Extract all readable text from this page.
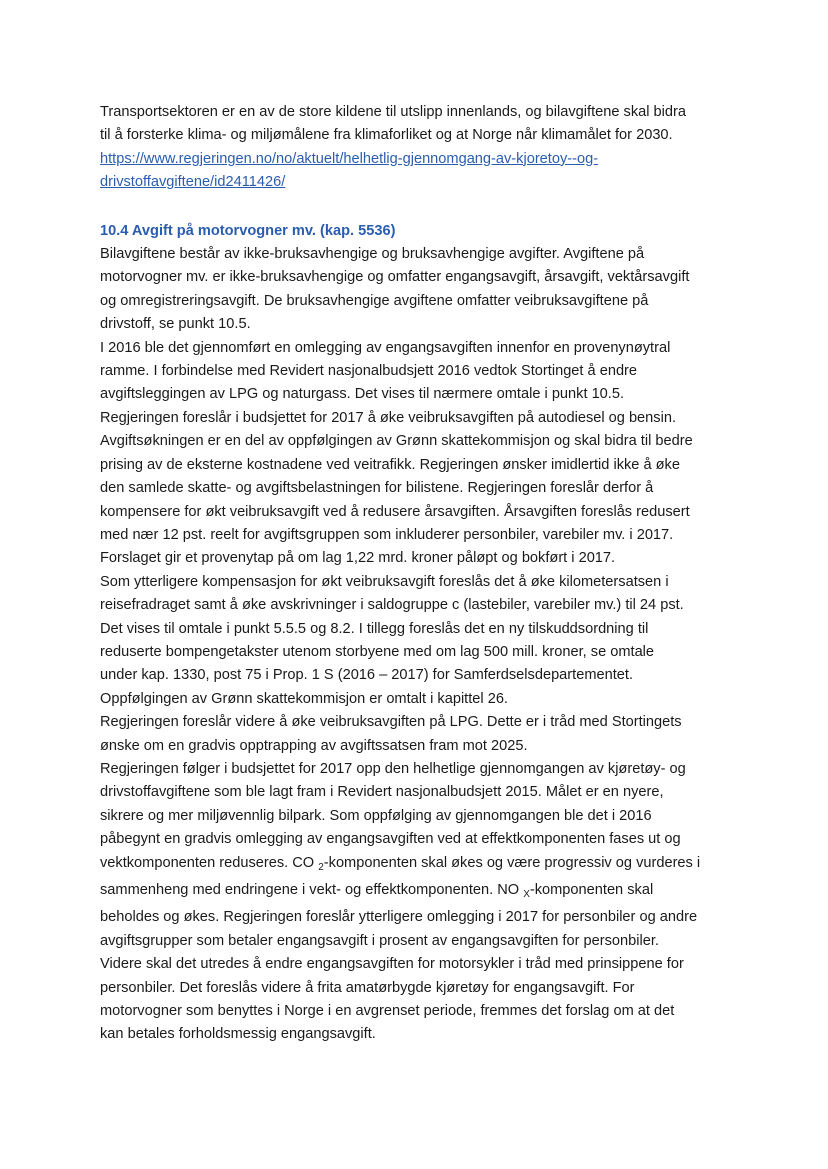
Transportsektoren er en av de store kildene til utslipp innenlands, og bilavgiftene skal bidra

til å forsterke klima- og miljømålene fra klimaforliket og at Norge når klimamålet for 2030.

https://www.regjeringen.no/no/aktuelt/helhetlig-gjennomgang-av-kjoretoy--og-

drivstoffavgiftene/id2411426/

10.4 Avgift på motorvogner mv. (kap. 5536)

Bilavgiftene består av ikke-bruksavhengige og bruksavhengige avgifter. Avgiftene på

motorvogner mv. er ikke-bruksavhengige og omfatter engangsavgift, årsavgift, vektårsavgift

og omregistreringsavgift. De bruksavhengige avgiftene omfatter veibruksavgiftene på

drivstoff, se punkt 10.5.

I 2016 ble det gjennomført en omlegging av engangsavgiften innenfor en provenynøytral

ramme. I forbindelse med Revidert nasjonalbudsjett 2016 vedtok Stortinget å endre

avgiftsleggingen av LPG og naturgass. Det vises til nærmere omtale i punkt 10.5.

Regjeringen foreslår i budsjettet for 2017 å øke veibruksavgiften på autodiesel og bensin.

Avgiftsøkningen er en del av oppfølgingen av Grønn skattekommisjon og skal bidra til bedre

prising av de eksterne kostnadene ved veitrafikk. Regjeringen ønsker imidlertid ikke å øke

den samlede skatte- og avgiftsbelastningen for bilistene. Regjeringen foreslår derfor å

kompensere for økt veibruksavgift ved å redusere årsavgiften. Årsavgiften foreslås redusert

med nær 12 pst. reelt for avgiftsgruppen som inkluderer personbiler, varebiler mv. i 2017.

Forslaget gir et provenytap på om lag 1,22 mrd. kroner påløpt og bokført i 2017.

Som ytterligere kompensasjon for økt veibruksavgift foreslås det å øke kilometersatsen i

reisefradraget samt å øke avskrivninger i saldogruppe c (lastebiler, varebiler mv.) til 24 pst.

Det vises til omtale i punkt 5.5.5 og 8.2. I tillegg foreslås det en ny tilskuddsordning til

reduserte bompengetakster utenom storbyene med om lag 500 mill. kroner, se omtale

under kap. 1330, post 75 i Prop. 1 S (2016 – 2017) for Samferdselsdepartementet.

Oppfølgingen av Grønn skattekommisjon er omtalt i kapittel 26.

Regjeringen foreslår videre å øke veibruksavgiften på LPG. Dette er i tråd med Stortingets

ønske om en gradvis opptrapping av avgiftssatsen fram mot 2025.

Regjeringen følger i budsjettet for 2017 opp den helhetlige gjennomgangen av kjøretøy- og

drivstoffavgiftene som ble lagt fram i Revidert nasjonalbudsjett 2015. Målet er en nyere,

sikrere og mer miljøvennlig bilpark. Som oppfølging av gjennomgangen ble det i 2016

påbegynt en gradvis omlegging av engangsavgiften ved at effektkomponenten fases ut og

vektkomponenten reduseres. CO $_2$-komponenten skal økes og være progressiv og vurderes i

sammenheng med endringene i vekt- og effektkomponenten. NO $_X$-komponenten skal

beholdes og økes. Regjeringen foreslår ytterligere omlegging i 2017 for personbiler og andre

avgiftsgrupper som betaler engangsavgift i prosent av engangsavgiften for personbiler.

Videre skal det utredes å endre engangsavgiften for motorsykler i tråd med prinsippene for

personbiler. Det foreslås videre å frita amatørbygde kjøretøy for engangsavgift. For

motorvogner som benyttes i Norge i en avgrenset periode, fremmes det forslag om at det

kan betales forholdsmessig engangsavgift.
